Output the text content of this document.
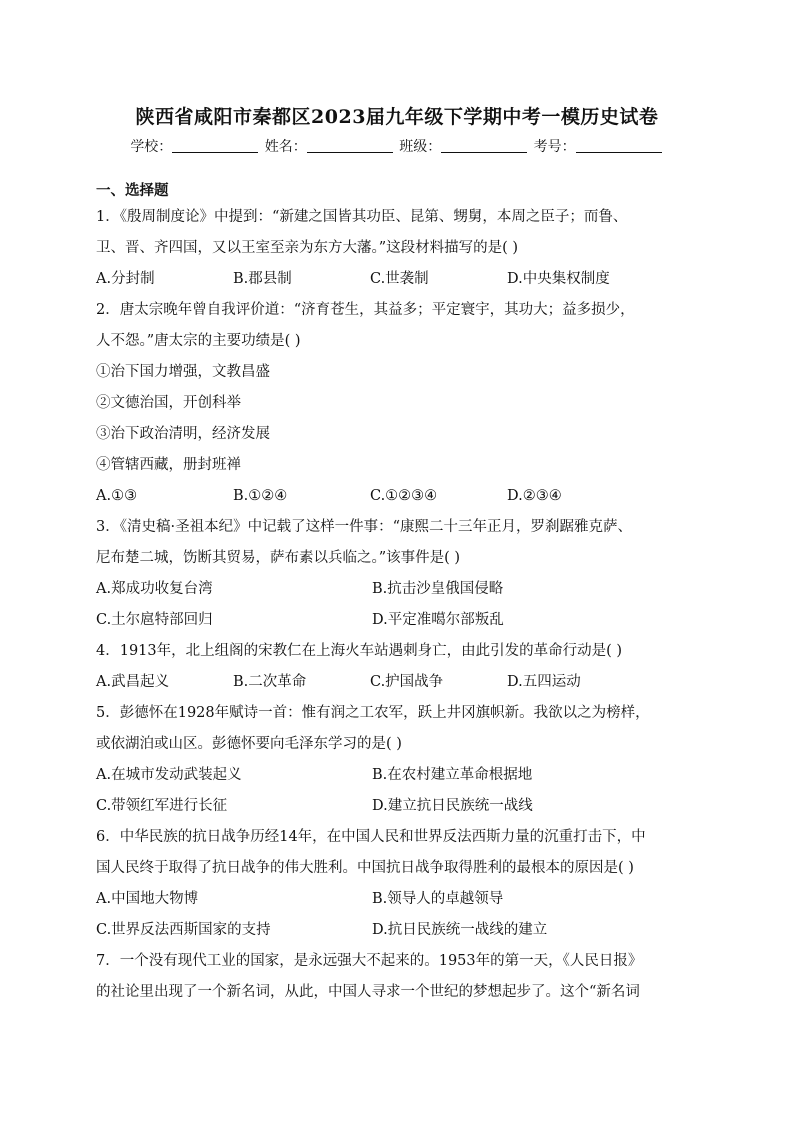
陕西省咸阳市秦都区2023届九年级下学期中考一模历史试卷
学校：	姓名：	班级：	考号：
一、选择题
1．《殷周制度论》中提到：“新建之国皆其功臣、昆第、甥舅，本周之臣子；而鲁、
卫、晋、齐四国，又以王室至亲为东方大藩。”这段材料描写的是( )
A.分封制	B.郡县制	C.世袭制	D.中央集权制度
2．唐太宗晚年曾自我评价道：“济育苍生，其益多；平定寰宇，其功大；益多损少，
人不怨。”唐太宗的主要功绩是( )
①治下国力增强，文教昌盛
②文德治国，开创科举
③治下政治清明，经济发展
④管辖西藏，册封班禅
A.①③	B.①②④	C.①②③④	D.②③④
3．《清史稿·圣祖本纪》中记载了这样一件事：“康熙二十三年正月，罗刹踞雅克萨、
尼布楚二城，饬断其贸易，萨布素以兵临之。”该事件是( )
A.郑成功收复台湾	B.抗击沙皇俄国侵略
C.土尔扈特部回归	D.平定准噶尔部叛乱
4．1913年，北上组阁的宋教仁在上海火车站遇刺身亡，由此引发的革命行动是( )
A.武昌起义	B.二次革命	C.护国战争	D.五四运动
5．彭德怀在1928年赋诗一首：惟有润之工农军，跃上井冈旗帜新。我欲以之为榜样，
或依湖泊或山区。彭德怀要向毛泽东学习的是( )
A.在城市发动武装起义	B.在农村建立革命根据地
C.带领红军进行长征	D.建立抗日民族统一战线
6．中华民族的抗日战争历经14年，在中国人民和世界反法西斯力量的沉重打击下，中
国人民终于取得了抗日战争的伟大胜利。中国抗日战争取得胜利的最根本的原因是( )
A.中国地大物博	B.领导人的卓越领导
C.世界反法西斯国家的支持	D.抗日民族统一战线的建立
7．一个没有现代工业的国家，是永远强大不起来的。1953年的第一天，《人民日报》
的社论里出现了一个新名词，从此，中国人寻求一个世纪的梦想起步了。这个“新名词
